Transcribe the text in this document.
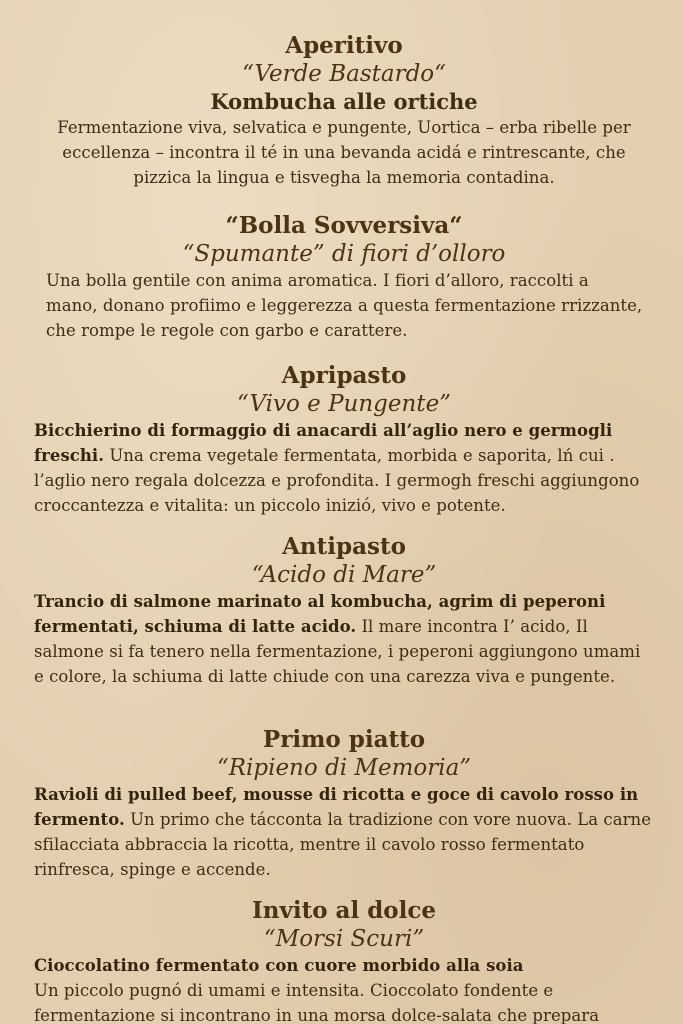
Aperitivo

“Verde Bastardo“

Kombucha alle ortiche

Fermentazione viva, selvatica e pungente, Uortica – erba ribelle per eccellenza – incontra il té in una bevanda acidá e rintrescante, che pizzica la lingua e tisvegha la memoria contadina.

“Bolla Sovversiva“

“Spumante” di fiori d’olloro

Una bolla gentile con anima aromatica. I fiori d’alloro, raccolti a mano, donano profiimo e leggerezza a questa fermentazione rrizzante, che rompe le regole con garbo e carattere.

Apripasto

“Vivo e Pungente”

Bicchierino di formaggio di anacardi all’aglio nero e germogli freschi. Una crema vegetale fermentata, morbida e saporita, lń cui . l’aglio nero regala dolcezza e profondita. I germogh freschi aggiungono croccantezza e vitalita: un piccolo inizió, vivo e potente.

Antipasto

“Acido di Mare”

Trancio di salmone marinato al kombucha, agrim di peperoni fermentati, schiuma di latte acido. Il mare incontra I’ acido, Il salmone si fa tenero nella fermentazione, i peperoni aggiungono umami e colore, la schiuma di latte chiude con una carezza viva e pungente.

Primo piatto

“Ripieno di Memoria”

Ravioli di pulled beef, mousse di ricotta e goce di cavolo rosso in fermento. Un primo che tácconta la tradizione con vore nuova. La carne sfilacciata abbraccia la ricotta, mentre il cavolo rosso fermentato rinfresca, spinge e accende.

Invito al dolce

“Morsi Scuri”

Cioccolatino fermentato con cuore morbido alla soia
Un piccolo pugnó di umami e intensita. Cioccolato fondente e fermentazione si incontrano in una morsa dolce-salata che prepara
